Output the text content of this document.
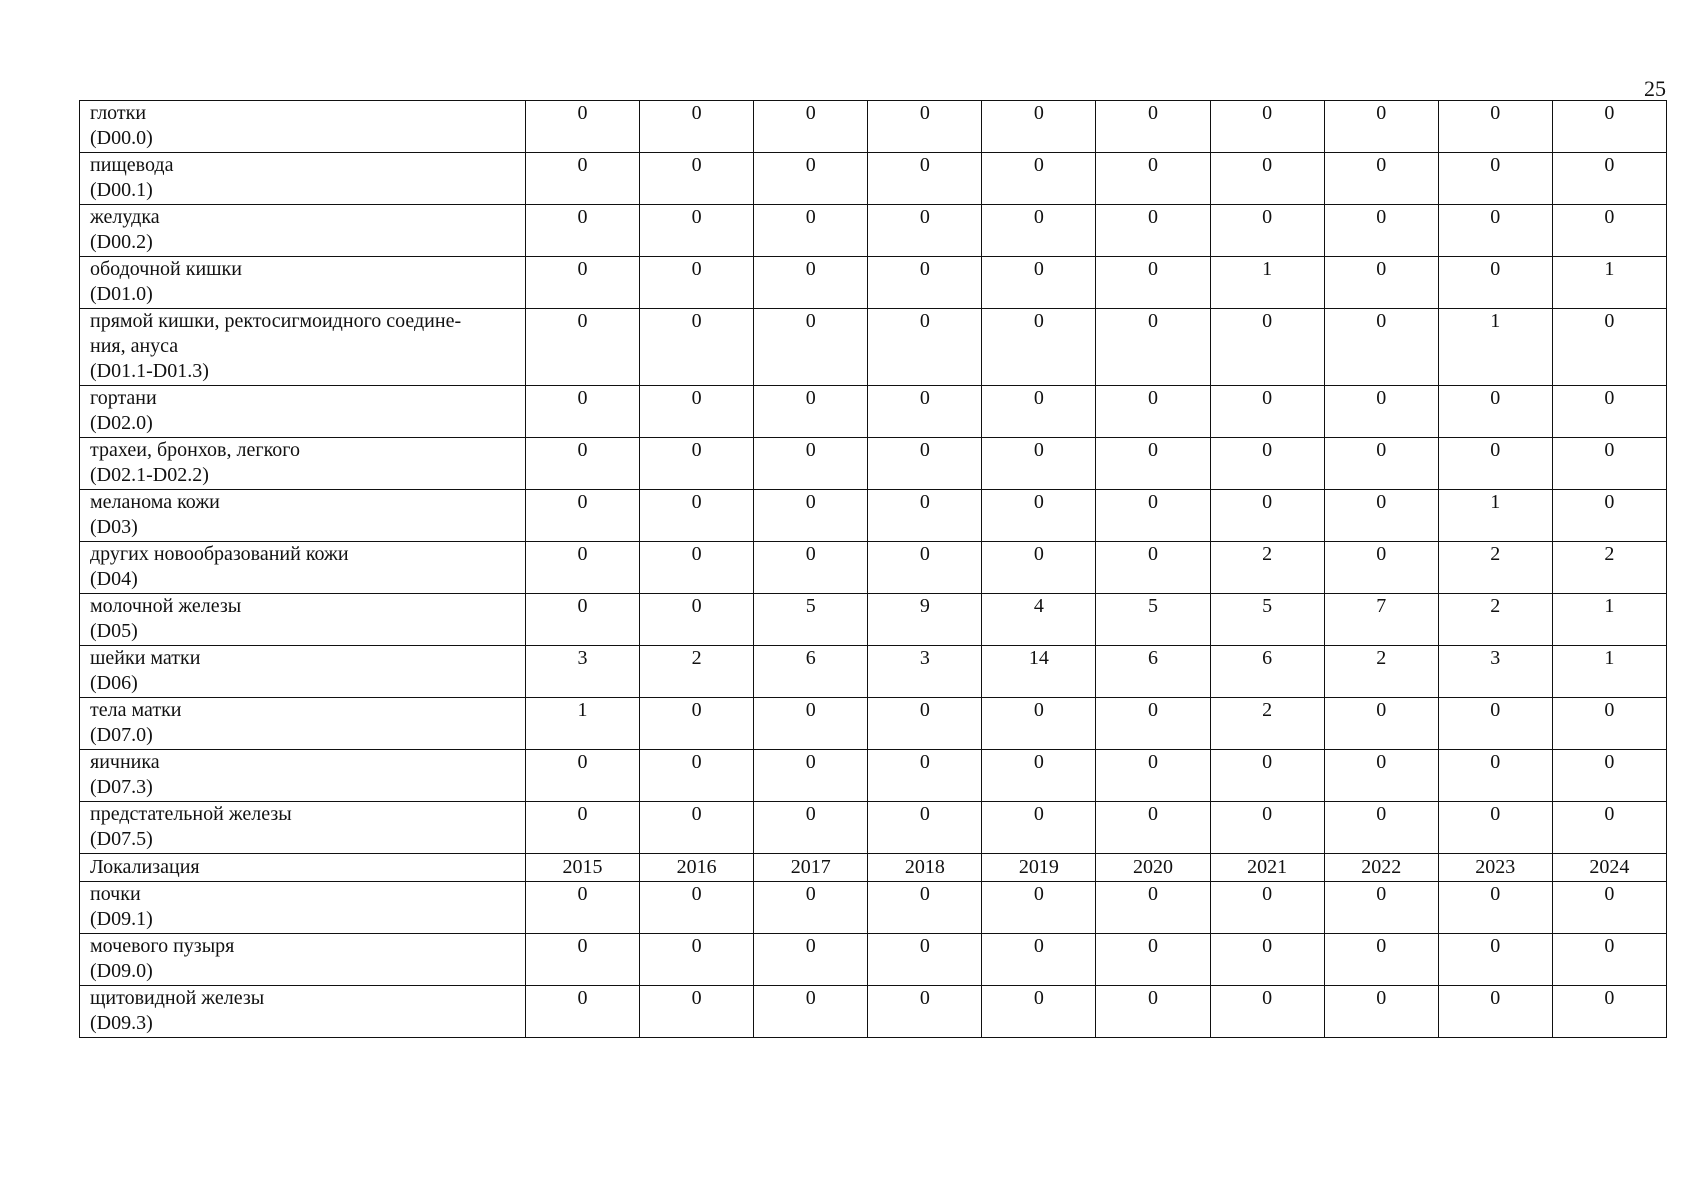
25
глотки
(D00.0)	0	0	0	0	0	0	0	0	0	0

пищевода
(D00.1)	0	0	0	0	0	0	0	0	0	0

желудка
(D00.2)	0	0	0	0	0	0	0	0	0	0

ободочной кишки
(D01.0)	0	0	0	0	0	0	1	0	0	1

прямой кишки, ректосигмоидного соедине-
ния, ануса
(D01.1-D01.3)	0	0	0	0	0	0	0	0	1	0

гортани
(D02.0)	0	0	0	0	0	0	0	0	0	0

трахеи, бронхов, легкого
(D02.1-D02.2)	0	0	0	0	0	0	0	0	0	0

меланома кожи
(D03)	0	0	0	0	0	0	0	0	1	0

других новообразований кожи
(D04)	0	0	0	0	0	0	2	0	2	2

молочной железы
(D05)	0	0	5	9	4	5	5	7	2	1

шейки матки
(D06)	3	2	6	3	14	6	6	2	3	1

тела матки
(D07.0)	1	0	0	0	0	0	2	0	0	0

яичника
(D07.3)	0	0	0	0	0	0	0	0	0	0

предстательной железы
(D07.5)	0	0	0	0	0	0	0	0	0	0
Локализация	2015	2016	2017	2018	2019	2020	2021	2022	2023	2024

почки
(D09.1)	0	0	0	0	0	0	0	0	0	0

мочевого пузыря
(D09.0)	0	0	0	0	0	0	0	0	0	0

щитовидной железы
(D09.3)	0	0	0	0	0	0	0	0	0	0
